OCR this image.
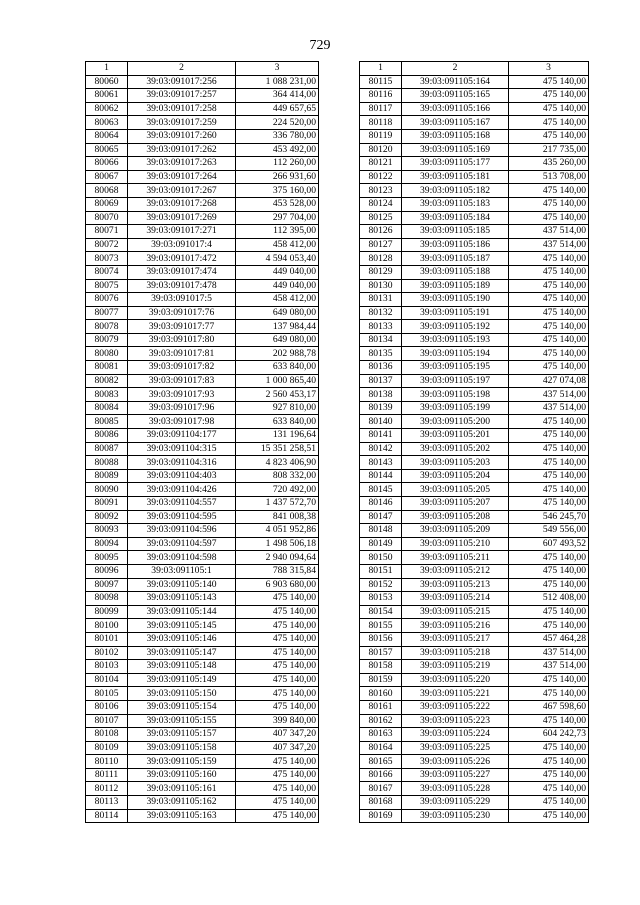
729
1	2	3
80060	39:03:091017:256	1 088 231,00
80061	39:03:091017:257	364 414,00
80062	39:03:091017:258	449 657,65
80063	39:03:091017:259	224 520,00
80064	39:03:091017:260	336 780,00
80065	39:03:091017:262	453 492,00
80066	39:03:091017:263	112 260,00
80067	39:03:091017:264	266 931,60
80068	39:03:091017:267	375 160,00
80069	39:03:091017:268	453 528,00
80070	39:03:091017:269	297 704,00
80071	39:03:091017:271	112 395,00
80072	39:03:091017:4	458 412,00
80073	39:03:091017:472	4 594 053,40
80074	39:03:091017:474	449 040,00
80075	39:03:091017:478	449 040,00
80076	39:03:091017:5	458 412,00
80077	39:03:091017:76	649 080,00
80078	39:03:091017:77	137 984,44
80079	39:03:091017:80	649 080,00
80080	39:03:091017:81	202 988,78
80081	39:03:091017:82	633 840,00
80082	39:03:091017:83	1 000 865,40
80083	39:03:091017:93	2 560 453,17
80084	39:03:091017:96	927 810,00
80085	39:03:091017:98	633 840,00
80086	39:03:091104:177	131 196,64
80087	39:03:091104:315	15 351 258,51
80088	39:03:091104:316	4 823 406,90
80089	39:03:091104:403	808 332,00
80090	39:03:091104:426	720 492,00
80091	39:03:091104:557	1 437 572,70
80092	39:03:091104:595	841 008,38
80093	39:03:091104:596	4 051 952,86
80094	39:03:091104:597	1 498 506,18
80095	39:03:091104:598	2 940 094,64
80096	39:03:091105:1	788 315,84
80097	39:03:091105:140	6 903 680,00
80098	39:03:091105:143	475 140,00
80099	39:03:091105:144	475 140,00
80100	39:03:091105:145	475 140,00
80101	39:03:091105:146	475 140,00
80102	39:03:091105:147	475 140,00
80103	39:03:091105:148	475 140,00
80104	39:03:091105:149	475 140,00
80105	39:03:091105:150	475 140,00
80106	39:03:091105:154	475 140,00
80107	39:03:091105:155	399 840,00
80108	39:03:091105:157	407 347,20
80109	39:03:091105:158	407 347,20
80110	39:03:091105:159	475 140,00
80111	39:03:091105:160	475 140,00
80112	39:03:091105:161	475 140,00
80113	39:03:091105:162	475 140,00
80114	39:03:091105:163	475 140,00
1	2	3
80115	39:03:091105:164	475 140,00
80116	39:03:091105:165	475 140,00
80117	39:03:091105:166	475 140,00
80118	39:03:091105:167	475 140,00
80119	39:03:091105:168	475 140,00
80120	39:03:091105:169	217 735,00
80121	39:03:091105:177	435 260,00
80122	39:03:091105:181	513 708,00
80123	39:03:091105:182	475 140,00
80124	39:03:091105:183	475 140,00
80125	39:03:091105:184	475 140,00
80126	39:03:091105:185	437 514,00
80127	39:03:091105:186	437 514,00
80128	39:03:091105:187	475 140,00
80129	39:03:091105:188	475 140,00
80130	39:03:091105:189	475 140,00
80131	39:03:091105:190	475 140,00
80132	39:03:091105:191	475 140,00
80133	39:03:091105:192	475 140,00
80134	39:03:091105:193	475 140,00
80135	39:03:091105:194	475 140,00
80136	39:03:091105:195	475 140,00
80137	39:03:091105:197	427 074,08
80138	39:03:091105:198	437 514,00
80139	39:03:091105:199	437 514,00
80140	39:03:091105:200	475 140,00
80141	39:03:091105:201	475 140,00
80142	39:03:091105:202	475 140,00
80143	39:03:091105:203	475 140,00
80144	39:03:091105:204	475 140,00
80145	39:03:091105:205	475 140,00
80146	39:03:091105:207	475 140,00
80147	39:03:091105:208	546 245,70
80148	39:03:091105:209	549 556,00
80149	39:03:091105:210	607 493,52
80150	39:03:091105:211	475 140,00
80151	39:03:091105:212	475 140,00
80152	39:03:091105:213	475 140,00
80153	39:03:091105:214	512 408,00
80154	39:03:091105:215	475 140,00
80155	39:03:091105:216	475 140,00
80156	39:03:091105:217	457 464,28
80157	39:03:091105:218	437 514,00
80158	39:03:091105:219	437 514,00
80159	39:03:091105:220	475 140,00
80160	39:03:091105:221	475 140,00
80161	39:03:091105:222	467 598,60
80162	39:03:091105:223	475 140,00
80163	39:03:091105:224	604 242,73
80164	39:03:091105:225	475 140,00
80165	39:03:091105:226	475 140,00
80166	39:03:091105:227	475 140,00
80167	39:03:091105:228	475 140,00
80168	39:03:091105:229	475 140,00
80169	39:03:091105:230	475 140,00
